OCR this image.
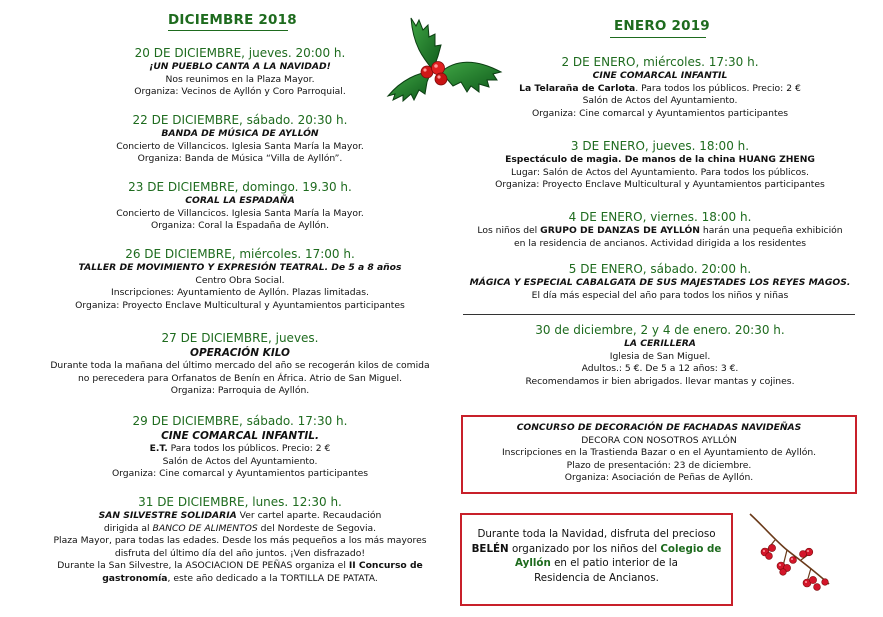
DICIEMBRE 2018
20 DE DICIEMBRE, jueves. 20:00 h.
¡UN PUEBLO CANTA A LA NAVIDAD!
Nos reunimos en la Plaza Mayor.
Organiza: Vecinos de Ayllón y Coro Parroquial.
22 DE DICIEMBRE, sábado. 20:30 h.
BANDA DE MÚSICA DE AYLLÓN
Concierto de Villancicos. Iglesia Santa María la Mayor.
Organiza: Banda de Música “Villa de Ayllón”.
23 DE DICIEMBRE, domingo. 19.30 h.
CORAL LA ESPADAÑA
Concierto de Villancicos. Iglesia Santa María la Mayor.
Organiza: Coral la Espadaña de Ayllón.
26 DE DICIEMBRE, miércoles. 17:00 h.
TALLER DE MOVIMIENTO Y EXPRESIÓN TEATRAL. De 5 a 8 años
Centro Obra Social.
Inscripciones: Ayuntamiento de Ayllón. Plazas limitadas.
Organiza: Proyecto Enclave Multicultural y Ayuntamientos participantes
27 DE DICIEMBRE, jueves.
OPERACIÓN KILO
Durante toda la mañana del último mercado del año se recogerán kilos de comida
no perecedera para Orfanatos de Benín en África. Atrio de San Miguel.
Organiza: Parroquia de Ayllón.
29 DE DICIEMBRE, sábado. 17:30 h.
CINE COMARCAL INFANTIL.
E.T. Para todos los públicos. Precio: 2 €
Salón de Actos del Ayuntamiento.
Organiza: Cine comarcal y Ayuntamientos participantes
31 DE DICIEMBRE, lunes. 12:30 h.
SAN SILVESTRE SOLIDARIA Ver cartel aparte. Recaudación
dirigida al BANCO DE ALIMENTOS del Nordeste de Segovia.
Plaza Mayor, para todas las edades. Desde los más pequeños a los más mayores
disfruta del último día del año juntos. ¡Ven disfrazado!
Durante la San Silvestre, la ASOCIACION DE PEÑAS organiza el II Concurso de
gastronomía, este año dedicado a la TORTILLA DE PATATA.
ENERO 2019
2 DE ENERO, miércoles. 17:30 h.
CINE COMARCAL INFANTIL
La Telaraña de Carlota. Para todos los públicos. Precio: 2 €
Salón de Actos del Ayuntamiento.
Organiza: Cine comarcal y Ayuntamientos participantes
3 DE ENERO, jueves. 18:00 h.
Espectáculo de magia. De manos de la china HUANG ZHENG
Lugar: Salón de Actos del Ayuntamiento. Para todos los públicos.
Organiza: Proyecto Enclave Multicultural y Ayuntamientos participantes
4 DE ENERO, viernes. 18:00 h.
Los niños del GRUPO DE DANZAS DE AYLLÓN harán una pequeña exhibición
en la residencia de ancianos. Actividad dirigida a los residentes
5 DE ENERO, sábado. 20:00 h.
MÁGICA Y ESPECIAL CABALGATA DE SUS MAJESTADES LOS REYES MAGOS.
El día más especial del año para todos los niños y niñas
30 de diciembre, 2 y 4 de enero. 20:30 h.
LA CERILLERA
Iglesia de San Miguel.
Adultos.: 5 €. De 5 a 12 años: 3 €.
Recomendamos ir bien abrigados. llevar mantas y cojines.
CONCURSO DE DECORACIÓN DE FACHADAS NAVIDEÑAS
DECORA CON NOSOTROS AYLLÓN
Inscripciones en la Trastienda Bazar o en el Ayuntamiento de Ayllón.
Plazo de presentación: 23 de diciembre.
Organiza: Asociación de Peñas de Ayllón.
Durante toda la Navidad, disfruta del precioso
BELÉN organizado por los niños del Colegio de
Ayllón en el patio interior de la
Residencia de Ancianos.
